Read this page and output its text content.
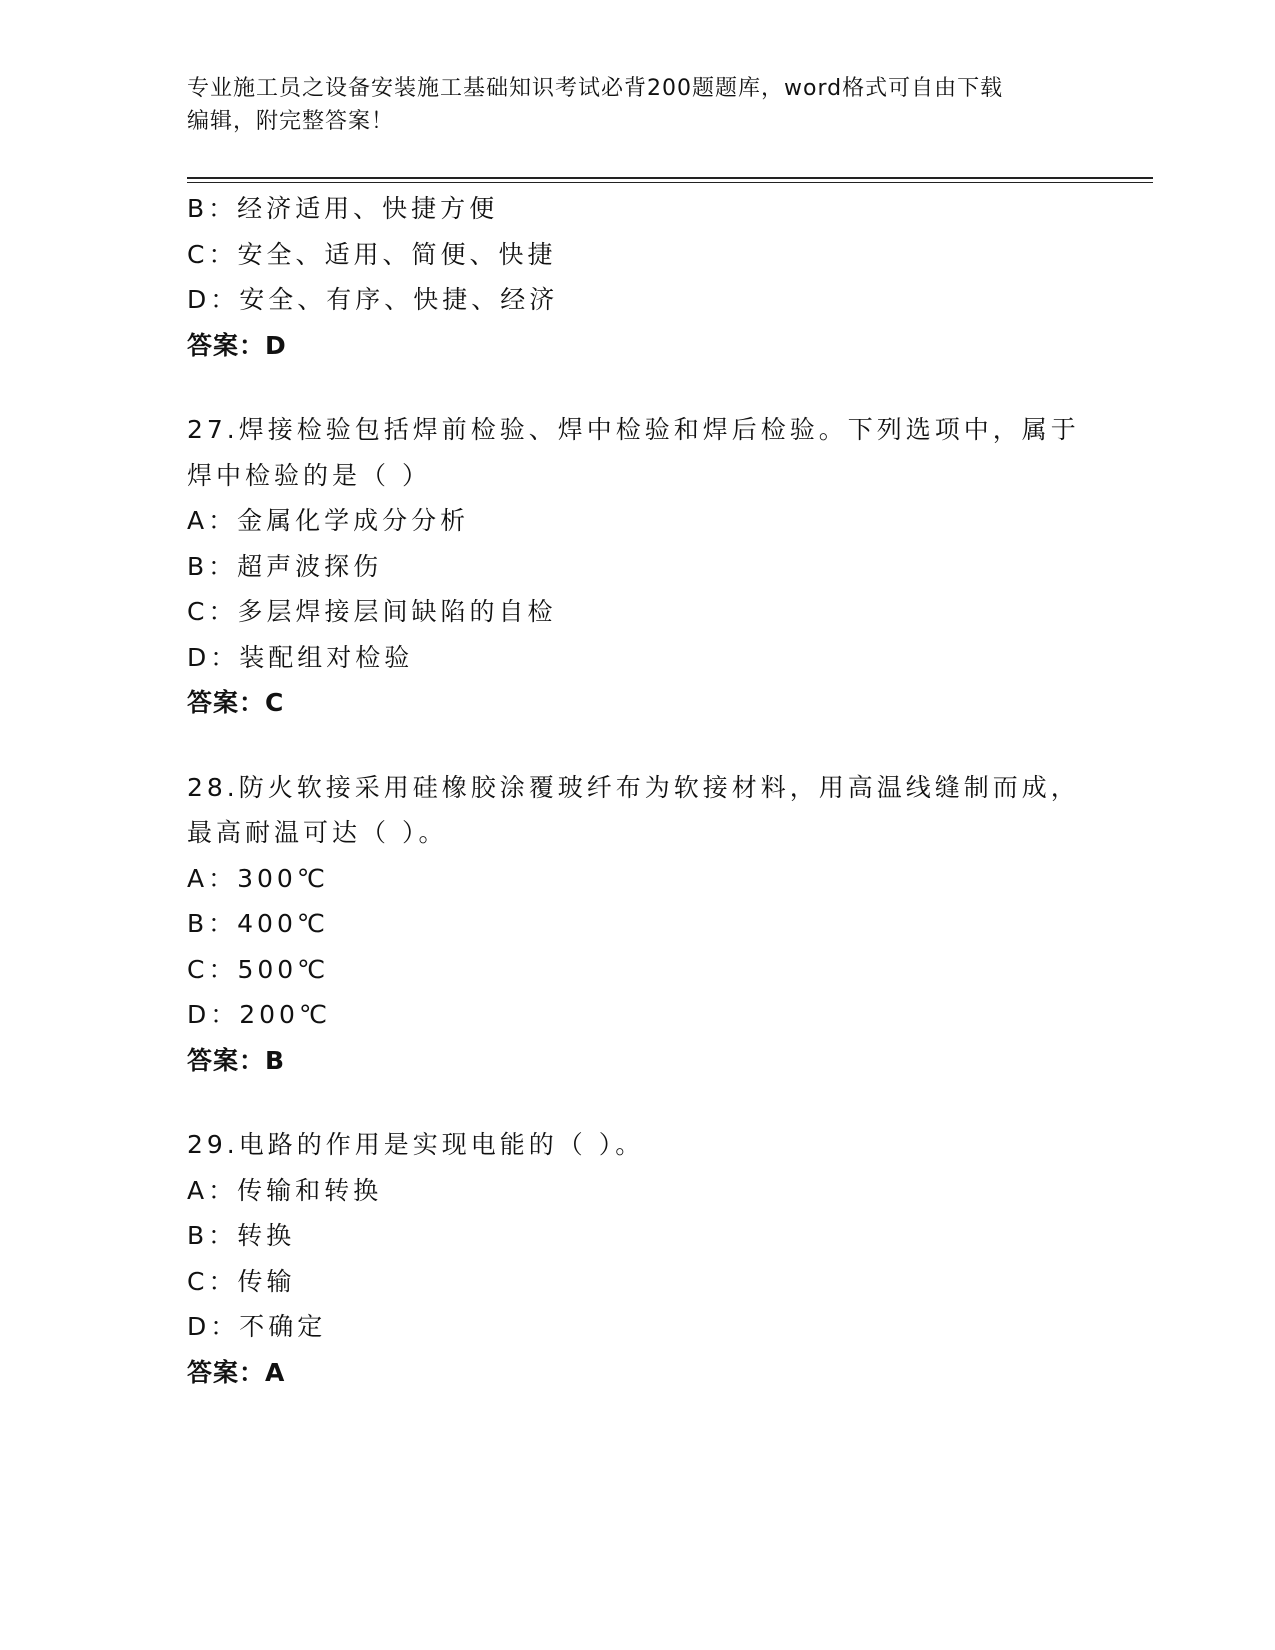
专业施工员之设备安装施工基础知识考试必背200题题库，word格式可自由下载
编辑，附完整答案！
B：经济适用、快捷方便
C：安全、适用、简便、快捷
D：安全、有序、快捷、经济
答案：D
27.焊接检验包括焊前检验、焊中检验和焊后检验。下列选项中，属于
焊中检验的是（ ）
A：金属化学成分分析
B：超声波探伤
C：多层焊接层间缺陷的自检
D：装配组对检验
答案：C
28.防火软接采用硅橡胶涂覆玻纤布为软接材料，用高温线缝制而成，
最高耐温可达（ ）。
A：300℃
B：400℃
C：500℃
D：200℃
答案：B
29.电路的作用是实现电能的（ ）。
A：传输和转换
B：转换
C：传输
D：不确定
答案：A
